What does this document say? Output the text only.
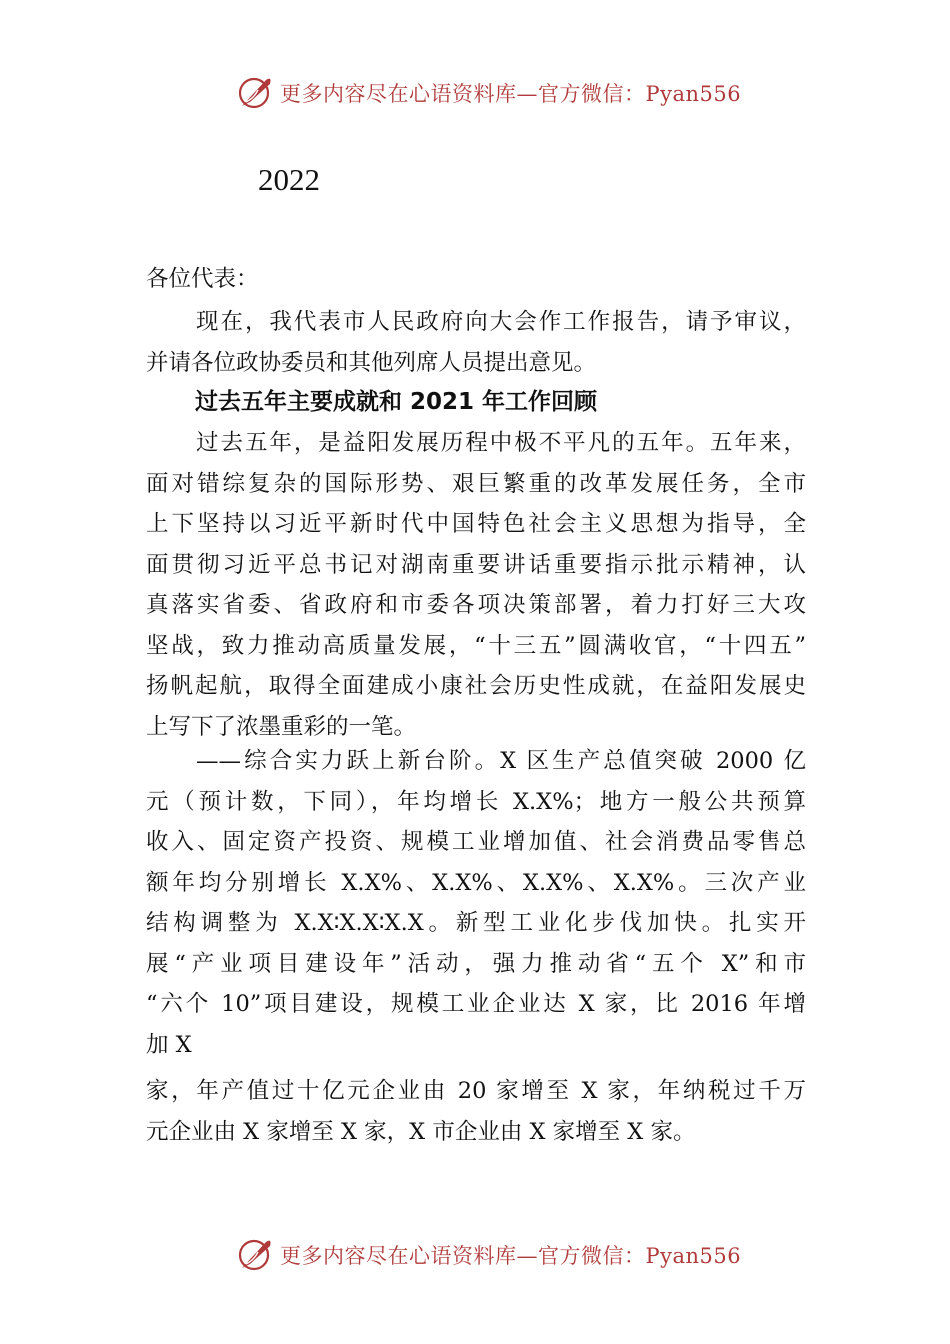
更多内容尽在心语资料库—官方微信：Pyan556
2022
各位代表：
现在，我代表市人民政府向大会作工作报告，请予审议，
并请各位政协委员和其他列席人员提出意见。
过去五年主要成就和 2021 年工作回顾
过去五年，是益阳发展历程中极不平凡的五年。五年来，
面对错综复杂的国际形势、艰巨繁重的改革发展任务，全市
上下坚持以习近平新时代中国特色社会主义思想为指导，全
面贯彻习近平总书记对湖南重要讲话重要指示批示精神，认
真落实省委、省政府和市委各项决策部署，着力打好三大攻
坚战，致力推动高质量发展，“十三五”圆满收官，“十四五”
扬帆起航，取得全面建成小康社会历史性成就，在益阳发展史
上写下了浓墨重彩的一笔。
——综合实力跃上新台阶。X 区生产总值突破 2000 亿
元（预计数，下同），年均增长 X.X%；地方一般公共预算
收入、固定资产投资、规模工业增加值、社会消费品零售总
额年均分别增长 X.X%、X.X%、X.X%、X.X%。三次产业
结构调整为 X.X∶X.X∶X.X。新型工业化步伐加快。扎实开
展“产业项目建设年”活动，强力推动省“五个 X”和市
“六个 10”项目建设，规模工业企业达 X 家，比 2016 年增
加 X
家，年产值过十亿元企业由 20 家增至 X 家，年纳税过千万
元企业由 X 家增至 X 家，X 市企业由 X 家增至 X 家。
更多内容尽在心语资料库—官方微信：Pyan556
